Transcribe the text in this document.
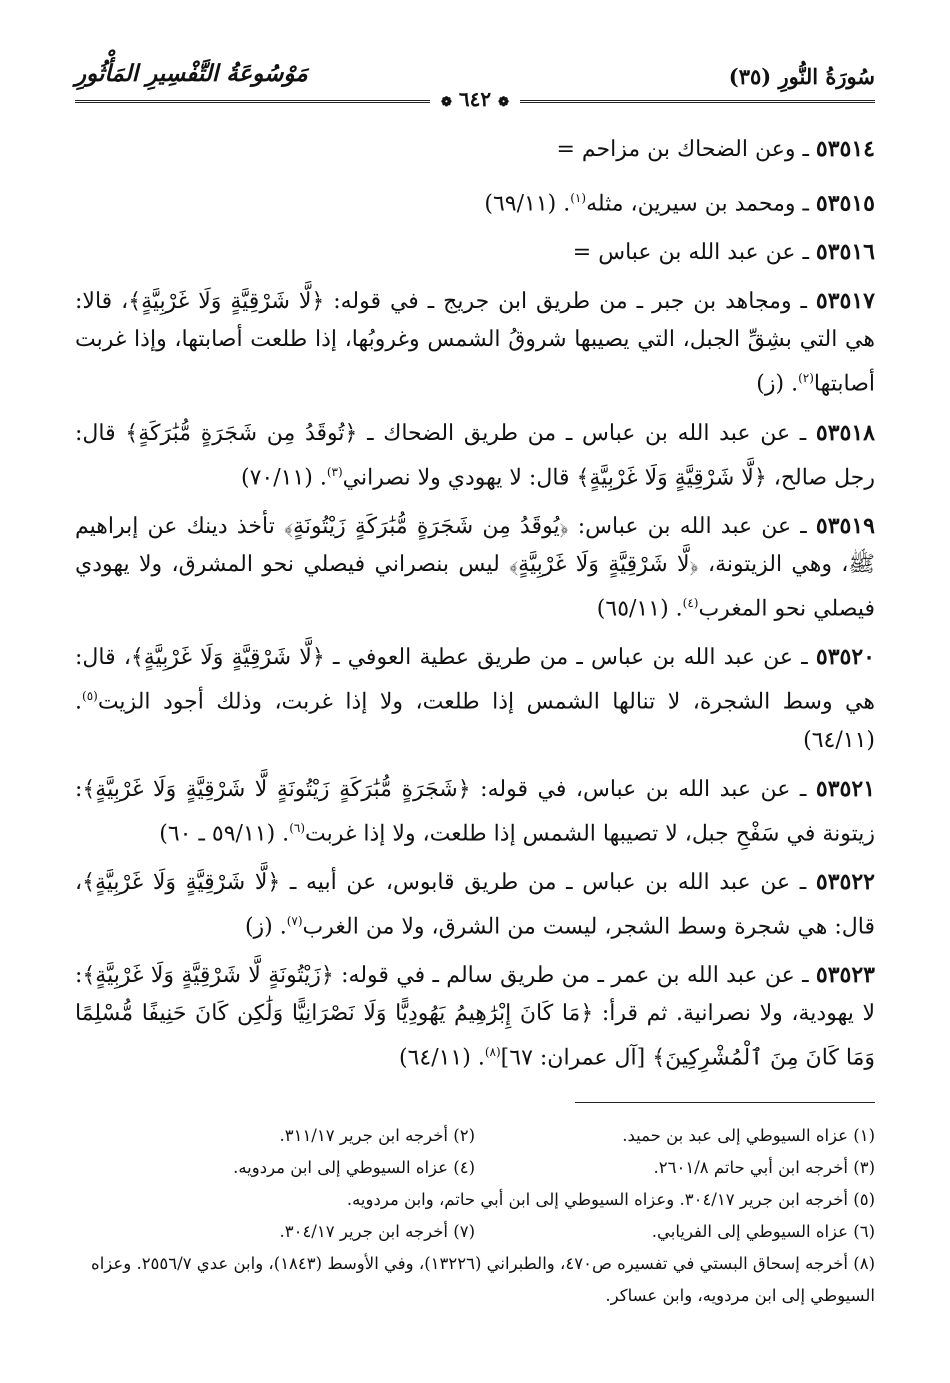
سُورَةُ النُّورِ (٣٥)
مَوْسُوعَةُ التَّفْسِيرِ المَأْثُورِ
❁ ٦٤٢ ❁
٥٣٥١٤ ـ وعن الضحاك بن مزاحم =
٥٣٥١٥ ـ ومحمد بن سيرين، مثله$^{(١)}$. (٦٩/١١)
٥٣٥١٦ ـ عن عبد الله بن عباس =
٥٣٥١٧ ـ ومجاهد بن جبر ـ من طريق ابن جريج ـ في قوله: ﴿لَّا شَرْقِيَّةٍ وَلَا غَرْبِيَّةٍ﴾، قالا: هي التي بشِقِّ الجبل، التي يصيبها شروقُ الشمس وغروبُها، إذا طلعت أصابتها، وإذا غربت أصابتها$^{(٢)}$. (ز)
٥٣٥١٨ ـ عن عبد الله بن عباس ـ من طريق الضحاك ـ ﴿تُوقَدُ مِن شَجَرَةٍ مُّبَٰرَكَةٍ﴾ قال: رجل صالح، ﴿لَّا شَرْقِيَّةٍ وَلَا غَرْبِيَّةٍ﴾ قال: لا يهودي ولا نصراني$^{(٣)}$. (٧٠/١١)
٥٣٥١٩ ـ عن عبد الله بن عباس: ﴿يُوقَدُ مِن شَجَرَةٍ مُّبَٰرَكَةٍ زَيْتُونَةٍ﴾ تأخذ دينك عن إبراهيم ﷺ، وهي الزيتونة، ﴿لَّا شَرْقِيَّةٍ وَلَا غَرْبِيَّةٍ﴾ ليس بنصراني فيصلي نحو المشرق، ولا يهودي فيصلي نحو المغرب$^{(٤)}$. (٦٥/١١)
٥٣٥٢٠ ـ عن عبد الله بن عباس ـ من طريق عطية العوفي ـ ﴿لَّا شَرْقِيَّةٍ وَلَا غَرْبِيَّةٍ﴾، قال: هي وسط الشجرة، لا تنالها الشمس إذا طلعت، ولا إذا غربت، وذلك أجود الزيت$^{(٥)}$. (٦٤/١١)
٥٣٥٢١ ـ عن عبد الله بن عباس، في قوله: ﴿شَجَرَةٍ مُّبَٰرَكَةٍ زَيْتُونَةٍ لَّا شَرْقِيَّةٍ وَلَا غَرْبِيَّةٍ﴾: زيتونة في سَفْحِ جبل، لا تصيبها الشمس إذا طلعت، ولا إذا غربت$^{(٦)}$. (٥٩/١١ ـ ٦٠)
٥٣٥٢٢ ـ عن عبد الله بن عباس ـ من طريق قابوس، عن أبيه ـ ﴿لَّا شَرْقِيَّةٍ وَلَا غَرْبِيَّةٍ﴾، قال: هي شجرة وسط الشجر، ليست من الشرق، ولا من الغرب$^{(٧)}$. (ز)
٥٣٥٢٣ ـ عن عبد الله بن عمر ـ من طريق سالم ـ في قوله: ﴿زَيْتُونَةٍ لَّا شَرْقِيَّةٍ وَلَا غَرْبِيَّةٍ﴾: لا يهودية، ولا نصرانية. ثم قرأ: ﴿مَا كَانَ إِبْرَٰهِيمُ يَهُودِيًّا وَلَا نَصْرَانِيًّا وَلَٰكِن كَانَ حَنِيفًا مُّسْلِمًا وَمَا كَانَ مِنَ ٱلْمُشْرِكِينَ﴾ [آل عمران: ٦٧]$^{(٨)}$. (٦٤/١١)
(١) عزاه السيوطي إلى عبد بن حميد.
(٢) أخرجه ابن جرير ٣١١/١٧.
(٣) أخرجه ابن أبي حاتم ٢٦٠١/٨.
(٤) عزاه السيوطي إلى ابن مردويه.
(٥) أخرجه ابن جرير ٣٠٤/١٧. وعزاه السيوطي إلى ابن أبي حاتم، وابن مردويه.
(٦) عزاه السيوطي إلى الفريابي.
(٧) أخرجه ابن جرير ٣٠٤/١٧.
(٨) أخرجه إسحاق البستي في تفسيره ص٤٧٠، والطبراني (١٣٢٢٦)، وفي الأوسط (١٨٤٣)، وابن عدي ٢٥٥٦/٧. وعزاه السيوطي إلى ابن مردويه، وابن عساكر.
